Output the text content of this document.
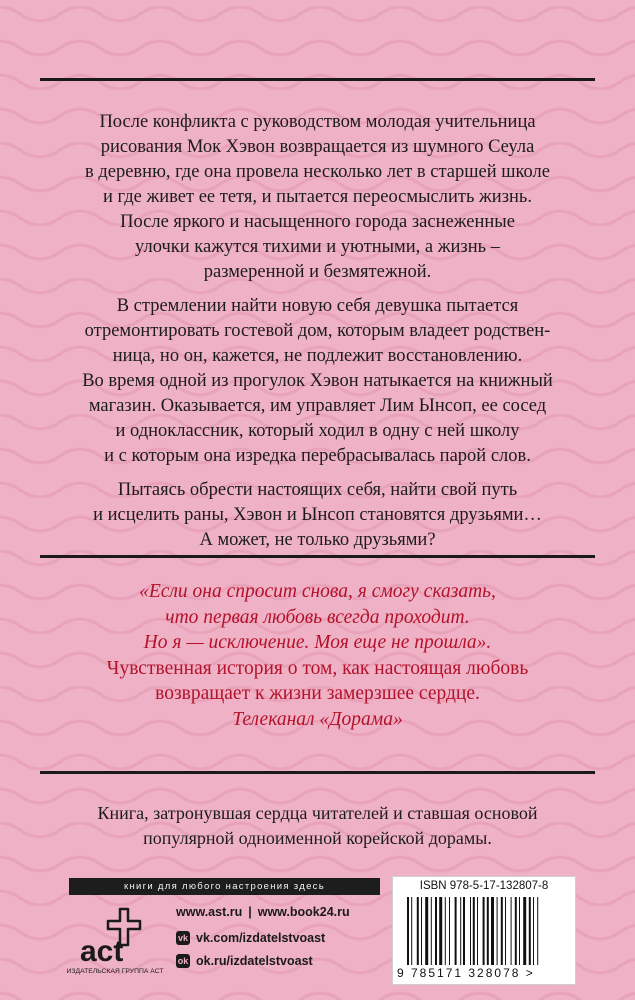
После конфликта с руководством молодая учительница
рисования Мок Хэвон возвращается из шумного Сеула
в деревню, где она провела несколько лет в старшей школе
и где живет ее тетя, и пытается переосмыслить жизнь.
После яркого и насыщенного города заснеженные
улочки кажутся тихими и уютными, а жизнь –
размеренной и безмятежной.

В стремлении найти новую себя девушка пытается
отремонтировать гостевой дом, которым владеет родствен-
ница, но он, кажется, не подлежит восстановлению.
Во время одной из прогулок Хэвон натыкается на книжный
магазин. Оказывается, им управляет Лим Ынсоп, ее сосед
и одноклассник, который ходил в одну с ней школу
и с которым она изредка перебрасывалась парой слов.

Пытаясь обрести настоящих себя, найти свой путь
и исцелить раны, Хэвон и Ынсоп становятся друзьями…
А может, не только друзьями?

«Если она спросит снова, я смогу сказать,
что первая любовь всегда проходит.
Но я — исключение. Моя еще не прошла».
Чувственная история о том, как настоящая любовь
возвращает к жизни замерзшее сердце.
Телеканал «Дорама»
Книга, затронувшая сердца читателей и ставшая основой
популярной одноименной корейской дорамы.
книги для любого настроения здесь
act
ИЗДАТЕЛЬСКАЯ ГРУППА АСТ
www.ast.ru | www.book24.ru
vk vk.com/izdatelstvoast
ok ok.ru/izdatelstvoast
ISBN 978-5-17-132807-8
9 785171 328078 >
